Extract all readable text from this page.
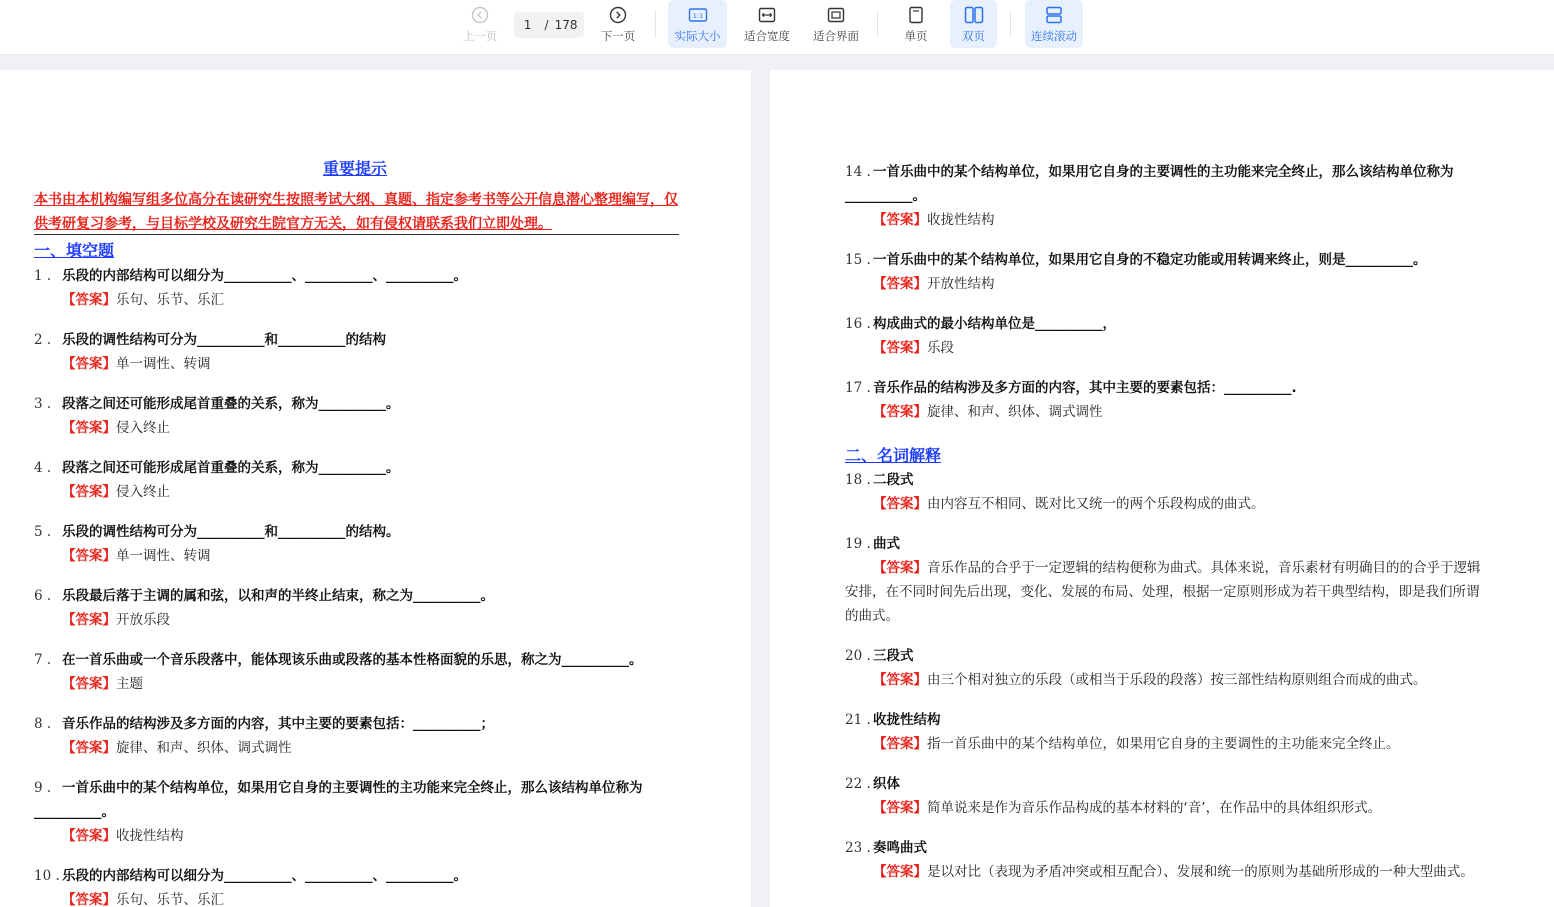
上一页
1 / 178
下一页
1:1
实际大小 适合宽度 适合界面	单页	双页	连续滚动
重要提示
本书由本机构编写组多位高分在读研究生按照考试大纲、真题、指定参考书等公开信息潜心整理编写，仅供考研复习参考，与目标学校及研究生院官方无关，如有侵权请联系我们立即处理。
一、填空题
1 . 乐段的内部结构可以细分为__________、__________、__________。
【答案】乐句、乐节、乐汇
2 . 乐段的调性结构可分为__________和__________的结构
【答案】单一调性、转调
3 . 段落之间还可能形成尾首重叠的关系，称为__________。
【答案】侵入终止
4 . 段落之间还可能形成尾首重叠的关系，称为__________。
【答案】侵入终止
5 . 乐段的调性结构可分为__________和__________的结构。
【答案】单一调性、转调
6 . 乐段最后落于主调的属和弦，以和声的半终止结束，称之为__________。
【答案】开放乐段
7 . 在一首乐曲或一个音乐段落中，能体现该乐曲或段落的基本性格面貌的乐思，称之为__________。
【答案】主题
8 . 音乐作品的结构涉及多方面的内容，其中主要的要素包括：__________；
【答案】旋律、和声、织体、调式调性
9 . 一首乐曲中的某个结构单位，如果用它自身的主要调性的主功能来完全终止，那么该结构单位称为__________。
【答案】收拢性结构
10 . 乐段的内部结构可以细分为__________、__________、__________。
【答案】乐句、乐节、乐汇
14 . 一首乐曲中的某个结构单位，如果用它自身的主要调性的主功能来完全终止，那么该结构单位称为__________。
【答案】收拢性结构
15 . 一首乐曲中的某个结构单位，如果用它自身的不稳定功能或用转调来终止，则是__________。
【答案】开放性结构
16 . 构成曲式的最小结构单位是__________，
【答案】乐段
17 . 音乐作品的结构涉及多方面的内容，其中主要的要素包括：__________.
【答案】旋律、和声、织体、调式调性
二、名词解释
18 . 二段式
【答案】由内容互不相同、既对比又统一的两个乐段构成的曲式。
19 . 曲式
【答案】音乐作品的合乎于一定逻辑的结构便称为曲式。具体来说，音乐素材有明确目的的合乎于逻辑安排，在不同时间先后出现，变化、发展的布局、处理，根据一定原则形成为若干典型结构，即是我们所谓的曲式。
20 . 三段式
【答案】由三个相对独立的乐段（或相当于乐段的段落）按三部性结构原则组合而成的曲式。
21 . 收拢性结构
【答案】指一首乐曲中的某个结构单位，如果用它自身的主要调性的主功能来完全终止。
22 . 织体
【答案】简单说来是作为音乐作品构成的基本材料的‘音’，在作品中的具体组织形式。
23 . 奏鸣曲式
【答案】是以对比（表现为矛盾冲突或相互配合）、发展和统一的原则为基础所形成的一种大型曲式。
